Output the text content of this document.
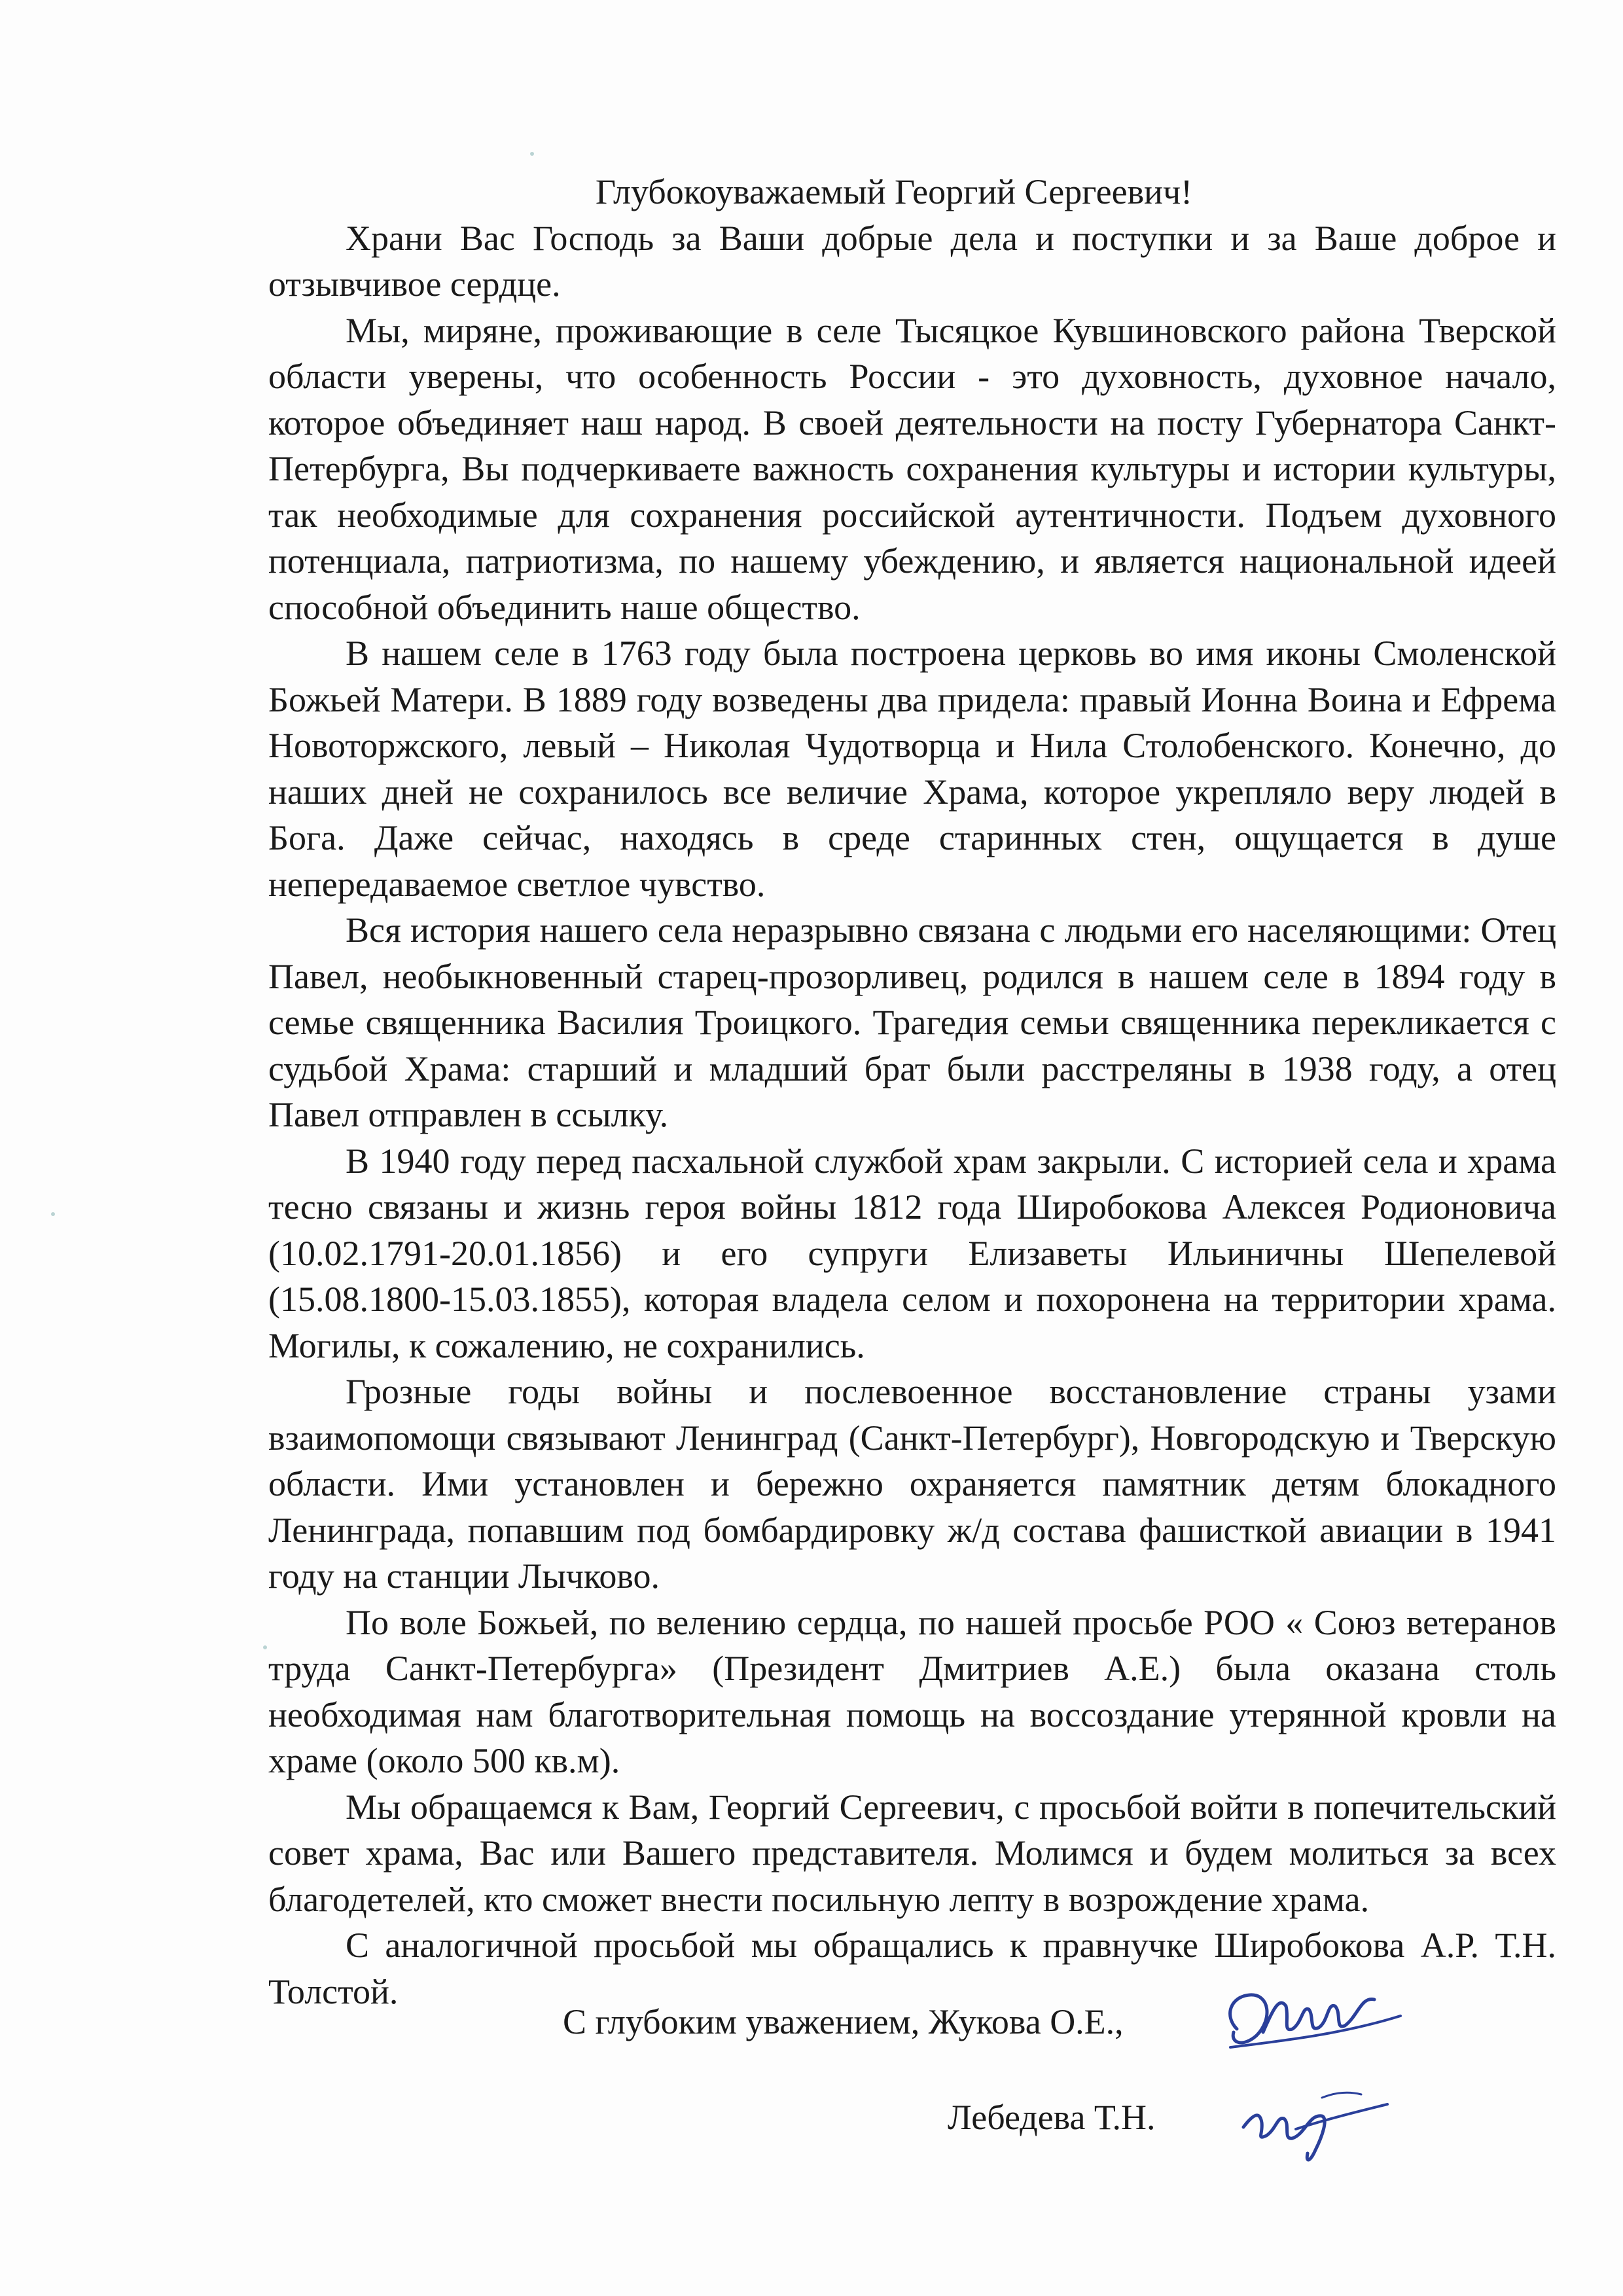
Глубокоуважаемый Георгий Сергеевич!

Храни Вас Господь за Ваши добрые дела и поступки и за Ваше доброе и отзывчивое сердце.

Мы, миряне, проживающие в селе Тысяцкое Кувшиновского района Тверской области уверены, что особенность России - это духовность, духовное начало, которое объединяет наш народ. В своей деятельности на посту Губернатора Санкт-Петербурга, Вы подчеркиваете важность сохранения культуры и истории культуры, так необходимые для сохранения российской аутентичности. Подъем духовного потенциала, патриотизма, по нашему убеждению, и является национальной идеей способной объединить наше общество.

В нашем селе в 1763 году была построена церковь во имя иконы Смоленской Божьей Матери. В 1889 году возведены два придела: правый Ионна Воина и Ефрема Новоторжского, левый – Николая Чудотворца и Нила Столобенского. Конечно, до наших дней не сохранилось все величие Храма, которое укрепляло веру людей в Бога. Даже сейчас, находясь в среде старинных стен, ощущается в душе непередаваемое светлое чувство.

Вся история нашего села неразрывно связана с людьми его населяющими: Отец Павел, необыкновенный старец-прозорливец, родился в нашем селе в 1894 году в семье священника Василия Троицкого. Трагедия семьи священника перекликается с судьбой Храма: старший и младший брат были расстреляны в 1938 году, а отец Павел отправлен в ссылку.

В 1940 году перед пасхальной службой храм закрыли. С историей села и храма тесно связаны и жизнь героя войны 1812 года Широбокова Алексея Родионовича (10.02.1791-20.01.1856) и его супруги Елизаветы Ильиничны Шепелевой (15.08.1800-15.03.1855), которая владела селом и похоронена на территории храма. Могилы, к сожалению, не сохранились.

Грозные годы войны и послевоенное восстановление страны узами взаимопомощи связывают Ленинград (Санкт-Петербург), Новгородскую и Тверскую области. Ими установлен и бережно охраняется памятник детям блокадного Ленинграда, попавшим под бомбардировку ж/д состава фашисткой авиации в 1941 году на станции Лычково.

По воле Божьей, по велению сердца, по нашей просьбе РОО « Союз ветеранов труда Санкт-Петербурга» (Президент Дмитриев А.Е.) была оказана столь необходимая нам благотворительная помощь на воссоздание утерянной кровли на храме (около 500 кв.м).

Мы обращаемся к Вам, Георгий Сергеевич, с просьбой войти в попечительский совет храма, Вас или Вашего представителя. Молимся и будем молиться за всех благодетелей, кто сможет внести посильную лепту в возрождение храма.

С аналогичной просьбой мы обращались к правнучке Широбокова А.Р. Т.Н. Толстой.

С глубоким уважением, Жукова О.Е.,
Лебедева Т.Н.
